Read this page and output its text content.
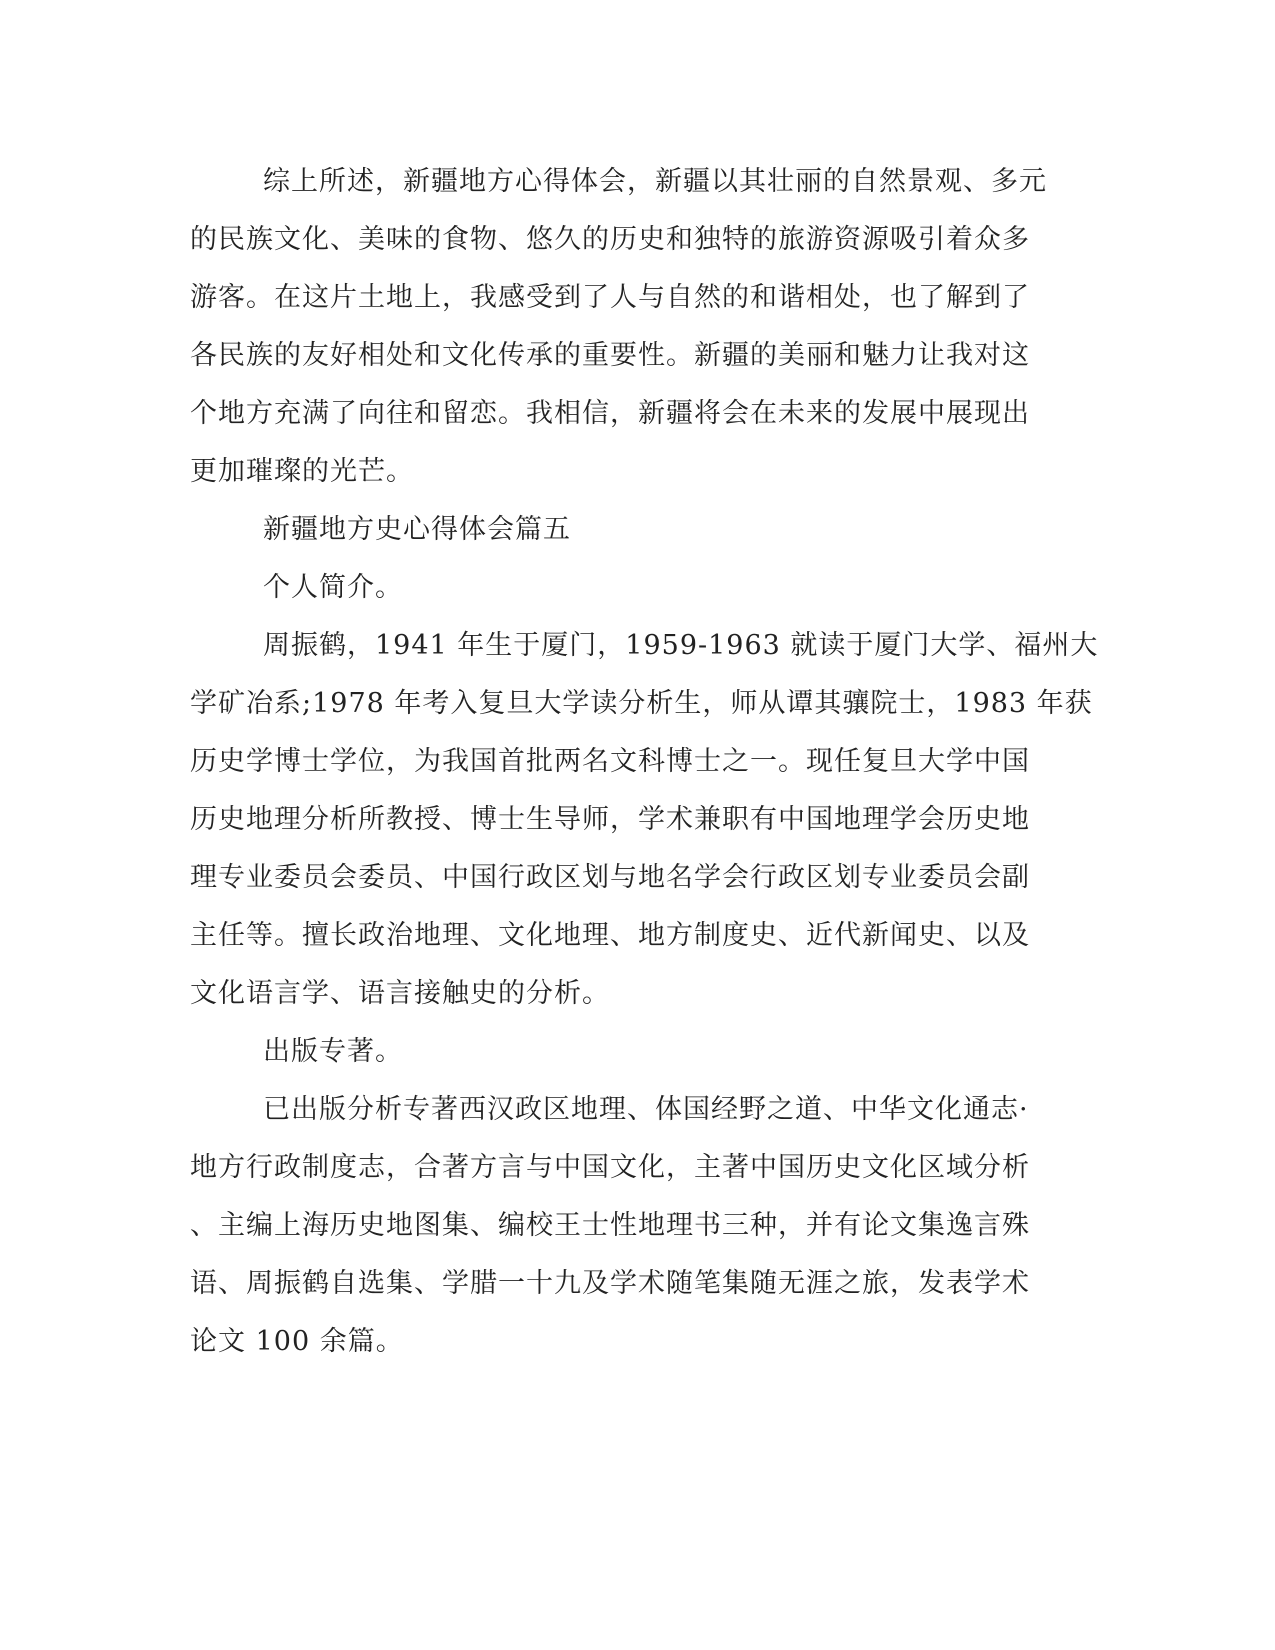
综上所述，新疆地方心得体会，新疆以其壮丽的自然景观、多元
的民族文化、美味的食物、悠久的历史和独特的旅游资源吸引着众多
游客。在这片土地上，我感受到了人与自然的和谐相处，也了解到了
各民族的友好相处和文化传承的重要性。新疆的美丽和魅力让我对这
个地方充满了向往和留恋。我相信，新疆将会在未来的发展中展现出
更加璀璨的光芒。
新疆地方史心得体会篇五
个人简介。
周振鹤，1941 年生于厦门，1959-1963 就读于厦门大学、福州大
学矿冶系;1978 年考入复旦大学读分析生，师从谭其骧院士，1983 年获
历史学博士学位，为我国首批两名文科博士之一。现任复旦大学中国
历史地理分析所教授、博士生导师，学术兼职有中国地理学会历史地
理专业委员会委员、中国行政区划与地名学会行政区划专业委员会副
主任等。擅长政治地理、文化地理、地方制度史、近代新闻史、以及
文化语言学、语言接触史的分析。
出版专著。
已出版分析专著西汉政区地理、体国经野之道、中华文化通志·
地方行政制度志，合著方言与中国文化，主著中国历史文化区域分析
、主编上海历史地图集、编校王士性地理书三种，并有论文集逸言殊
语、周振鹤自选集、学腊一十九及学术随笔集随无涯之旅，发表学术
论文 100 余篇。
